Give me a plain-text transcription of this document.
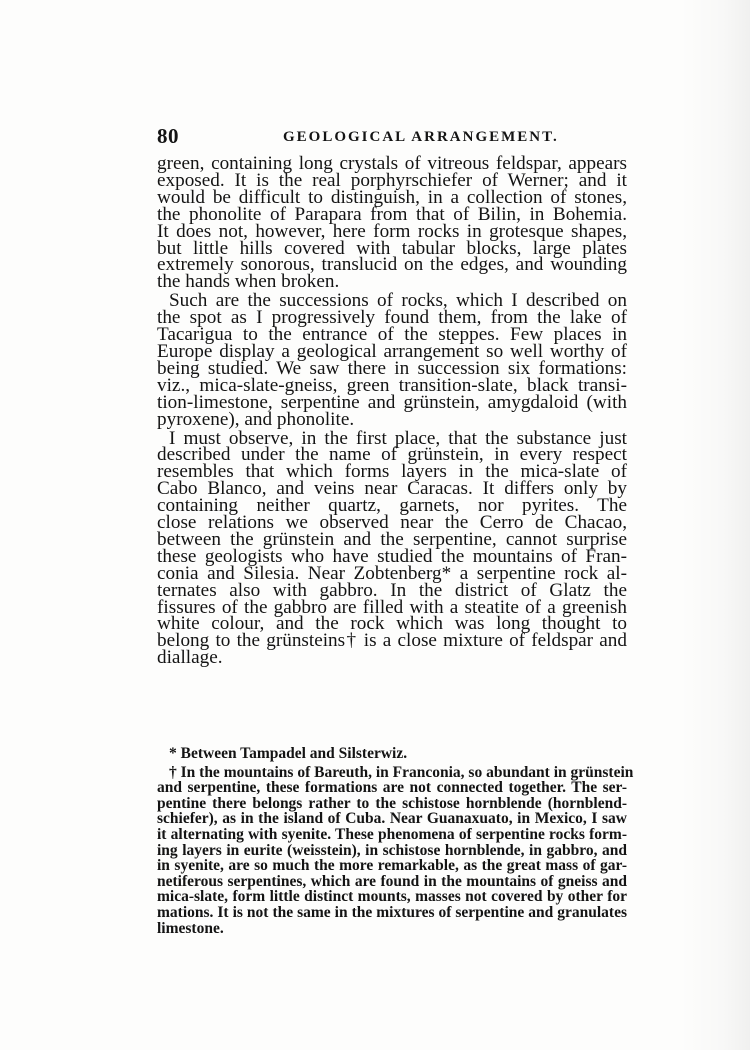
80	GEOLOGICAL ARRANGEMENT.

green, containing long crystals of vitreous feldspar, appears
exposed. It is the real porphyrschiefer of Werner; and it
would be difficult to distinguish, in a collection of stones,
the phonolite of Parapara from that of Bilin, in Bohemia.
It does not, however, here form rocks in grotesque shapes,
but little hills covered with tabular blocks, large plates
extremely sonorous, translucid on the edges, and wounding
the hands when broken.

Such are the successions of rocks, which I described on
the spot as I progressively found them, from the lake of
Tacarigua to the entrance of the steppes. Few places in
Europe display a geological arrangement so well worthy of
being studied. We saw there in succession six formations:
viz., mica-slate-gneiss, green transition-slate, black transi-
tion-limestone, serpentine and grünstein, amygdaloid (with
pyroxene), and phonolite.

I must observe, in the first place, that the substance just
described under the name of grünstein, in every respect
resembles that which forms layers in the mica-slate of
Cabo Blanco, and veins near Caracas. It differs only by
containing neither quartz, garnets, nor pyrites. The
close relations we observed near the Cerro de Chacao,
between the grünstein and the serpentine, cannot surprise
these geologists who have studied the mountains of Fran-
conia and Silesia. Near Zobtenberg* a serpentine rock al-
ternates also with gabbro. In the district of Glatz the
fissures of the gabbro are filled with a steatite of a greenish
white colour, and the rock which was long thought to
belong to the grünsteins† is a close mixture of feldspar and
diallage.

* Between Tampadel and Silsterwiz.
† In the mountains of Bareuth, in Franconia, so abundant in grünstein
and serpentine, these formations are not connected together. The ser-
pentine there belongs rather to the schistose hornblende (hornblend-
schiefer), as in the island of Cuba. Near Guanaxuato, in Mexico, I saw
it alternating with syenite. These phenomena of serpentine rocks form-
ing layers in eurite (weisstein), in schistose hornblende, in gabbro, and
in syenite, are so much the more remarkable, as the great mass of gar-
netiferous serpentines, which are found in the mountains of gneiss and
mica-slate, form little distinct mounts, masses not covered by other for
mations. It is not the same in the mixtures of serpentine and granulates
limestone.
